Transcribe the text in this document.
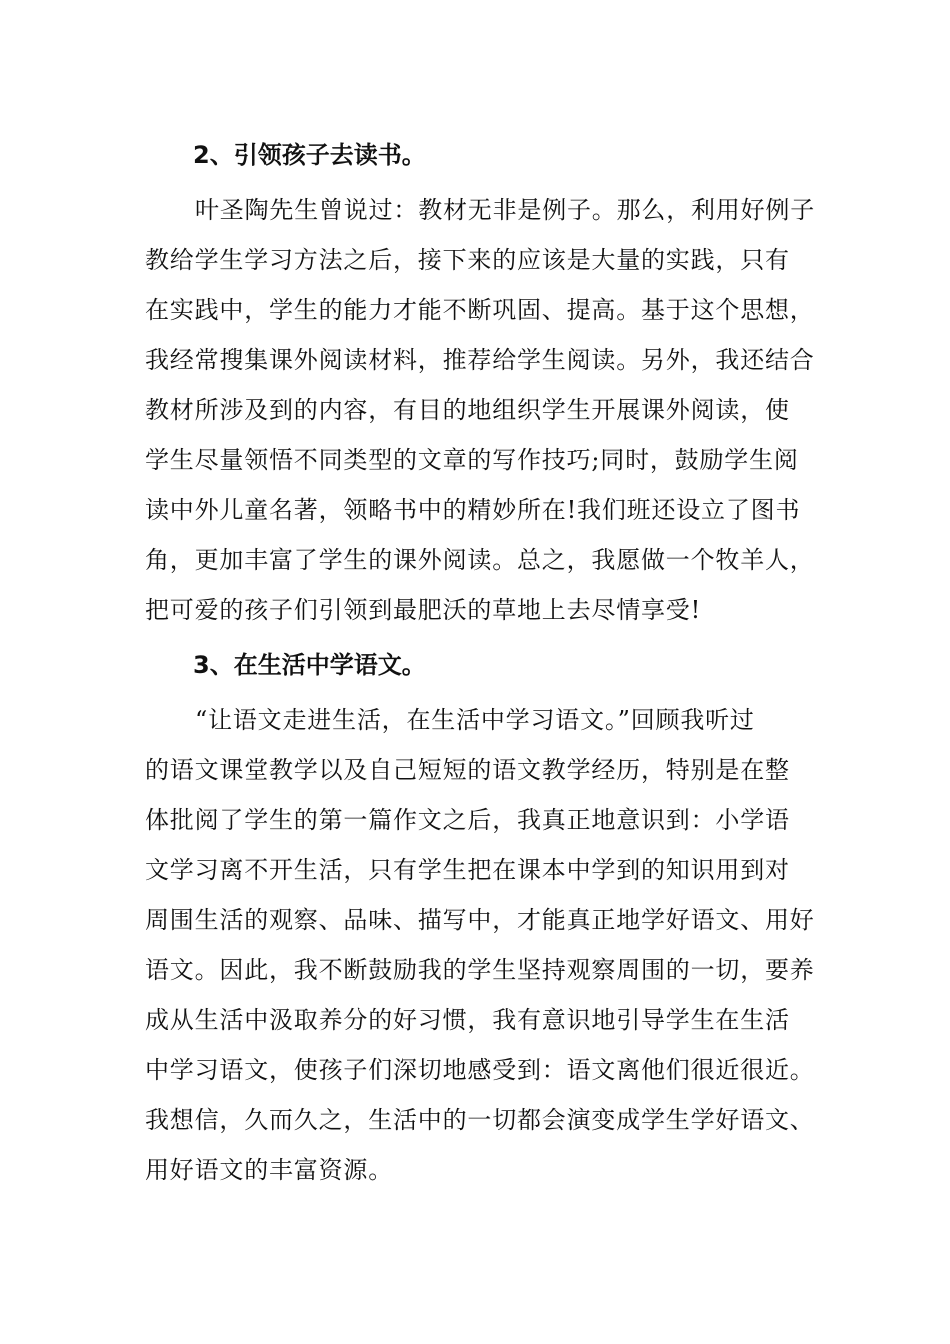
2、引领孩子去读书。
叶圣陶先生曾说过：教材无非是例子。那么，利用好例子
教给学生学习方法之后，接下来的应该是大量的实践，只有
在实践中，学生的能力才能不断巩固、提高。基于这个思想，
我经常搜集课外阅读材料，推荐给学生阅读。另外，我还结合
教材所涉及到的内容，有目的地组织学生开展课外阅读，使
学生尽量领悟不同类型的文章的写作技巧;同时，鼓励学生阅
读中外儿童名著，领略书中的精妙所在!我们班还设立了图书
角，更加丰富了学生的课外阅读。总之，我愿做一个牧羊人，
把可爱的孩子们引领到最肥沃的草地上去尽情享受!
3、在生活中学语文。
“让语文走进生活，在生活中学习语文。”回顾我听过
的语文课堂教学以及自己短短的语文教学经历，特别是在整
体批阅了学生的第一篇作文之后，我真正地意识到：小学语
文学习离不开生活，只有学生把在课本中学到的知识用到对
周围生活的观察、品味、描写中，才能真正地学好语文、用好
语文。因此，我不断鼓励我的学生坚持观察周围的一切，要养
成从生活中汲取养分的好习惯，我有意识地引导学生在生活
中学习语文，使孩子们深切地感受到：语文离他们很近很近。
我想信，久而久之，生活中的一切都会演变成学生学好语文、
用好语文的丰富资源。
